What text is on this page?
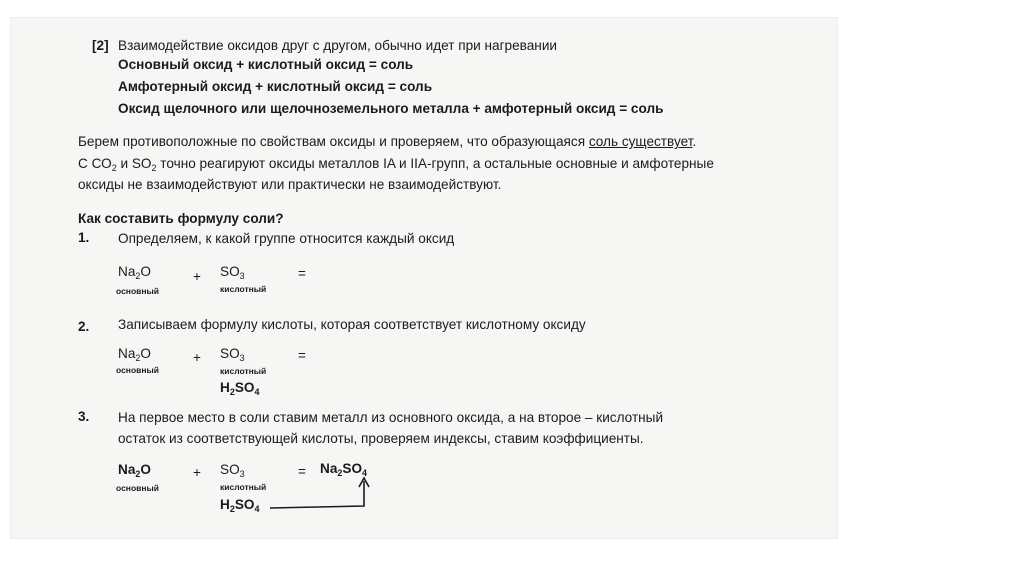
[2] Взаимодействие оксидов друг с другом, обычно идет при нагревании
Основный оксид + кислотный оксид = соль
Амфотерный оксид + кислотный оксид = соль
Оксид щелочного или щелочноземельного металла + амфотерный оксид = соль
Берем противоположные по свойствам оксиды и проверяем, что образующаяся соль существует.
С $СО_2$ и $SO_2$ точно реагируют оксиды металлов IA и IIA-групп, а остальные основные и амфотерные
оксиды не взаимодействуют или практически не взаимодействуют.
Как составить формулу соли?
1. Определяем, к какой группе относится каждый оксид
$Na_2O$
основный
+ $SO_3$
кислотный
=
2. Записываем формулу кислоты, которая соответствует кислотному оксиду
$Na_2O$
основный
+ $SO_3$
кислотный
=
$H_2SO_4$
3. На первое место в соли ставим металл из основного оксида, а на второе – кислотный
остаток из соответствующей кислоты, проверяем индексы, ставим коэффициенты.
$Na_2O$
основный
+ $SO_3$
кислотный
= $Na_2SO_4$
$H_2SO_4$
